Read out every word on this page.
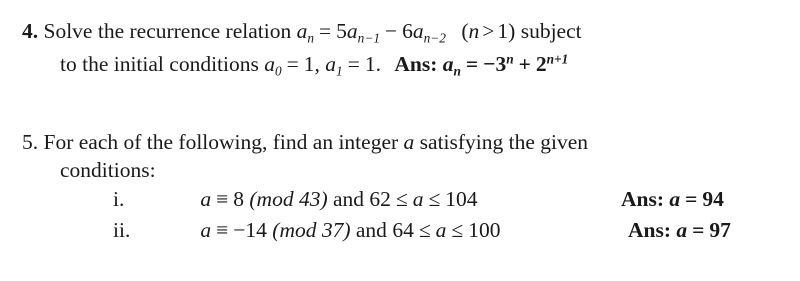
4. Solve the recurrence relation $a_n = 5a_{n-1} - 6a_{n-2}$ (n > 1) subject
to the initial conditions $a_0 = 1$, $a_1 = 1$. Ans: $a_n = -3^n + 2^{n+1}$
5. For each of the following, find an integer a satisfying the given
conditions:
i.	a ≡ 8 (mod 43) and 62 ≤ a ≤ 104	Ans: a = 94
ii.	a ≡ −14 (mod 37) and 64 ≤ a ≤ 100	Ans: a = 97
